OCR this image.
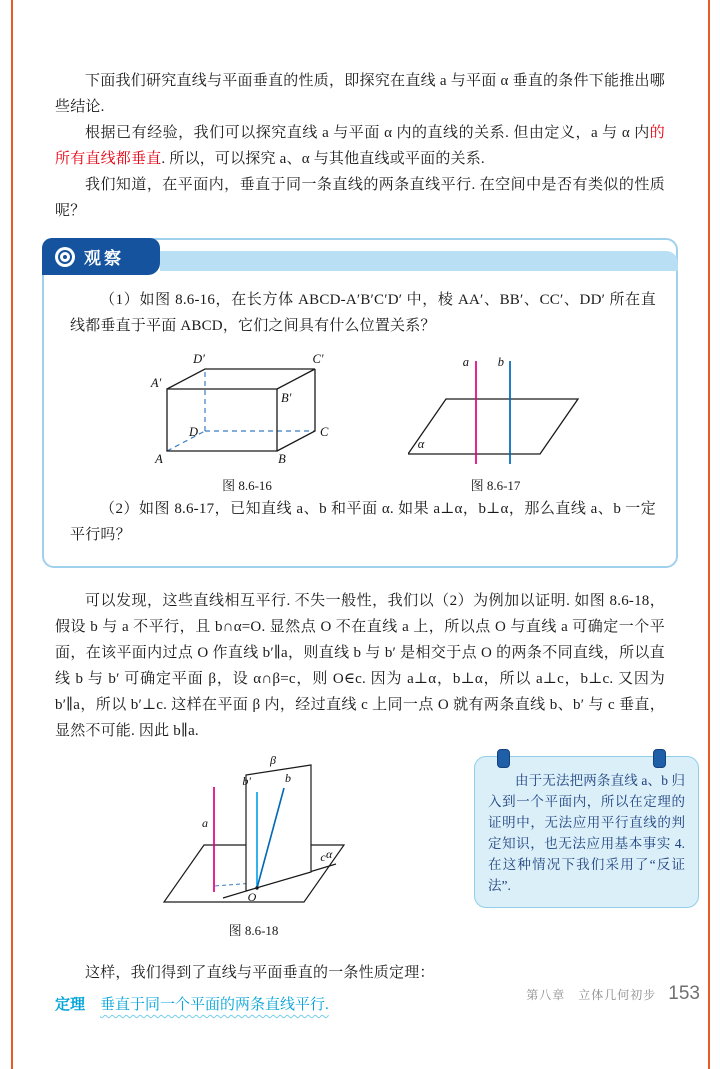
下面我们研究直线与平面垂直的性质，即探究在直线 a 与平面 α 垂直的条件下能推出哪些结论.

根据已有经验，我们可以探究直线 a 与平面 α 内的直线的关系. 但由定义，a 与 α 内的所有直线都垂直. 所以，可以探究 a、α 与其他直线或平面的关系.

我们知道，在平面内，垂直于同一条直线的两条直线平行. 在空间中是否有类似的性质呢？

观察

（1）如图 8.6-16，在长方体 ABCD-A′B′C′D′ 中，棱 AA′、BB′、CC′、DD′ 所在直线都垂直于平面 ABCD，它们之间具有什么位置关系？

D′	C′
A′
B′
D	C
A	B
图 8.6-16
a b
α
图 8.6-17

（2）如图 8.6-17，已知直线 a、b 和平面 α. 如果 a⊥α，b⊥α，那么直线 a、b 一定平行吗？

可以发现，这些直线相互平行. 不失一般性，我们以（2）为例加以证明. 如图 8.6-18，假设 b 与 a 不平行，且 b∩α=O. 显然点 O 不在直线 a 上，所以点 O 与直线 a 可确定一个平面，在该平面内过点 O 作直线 b′∥a，则直线 b 与 b′ 是相交于点 O 的两条不同直线，所以直线 b 与 b′ 可确定平面 β，设 α∩β=c，则 O∈c. 因为 a⊥α，b⊥α，所以 a⊥c，b⊥c. 又因为 b′∥a，所以 b′⊥c. 这样在平面 β 内，经过直线 c 上同一点 O 就有两条直线 b、b′ 与 c 垂直，显然不可能. 因此 b∥a.

β
b′	b
a
c α
O
图 8.6-18

由于无法把两条直线 a、b 归入到一个平面内，所以在定理的证明中，无法应用平行直线的判定知识，也无法应用基本事实 4. 在这种情况下我们采用了“反证法”.

这样，我们得到了直线与平面垂直的一条性质定理：

定理 垂直于同一个平面的两条直线平行.

第八章　立体几何初步 153
